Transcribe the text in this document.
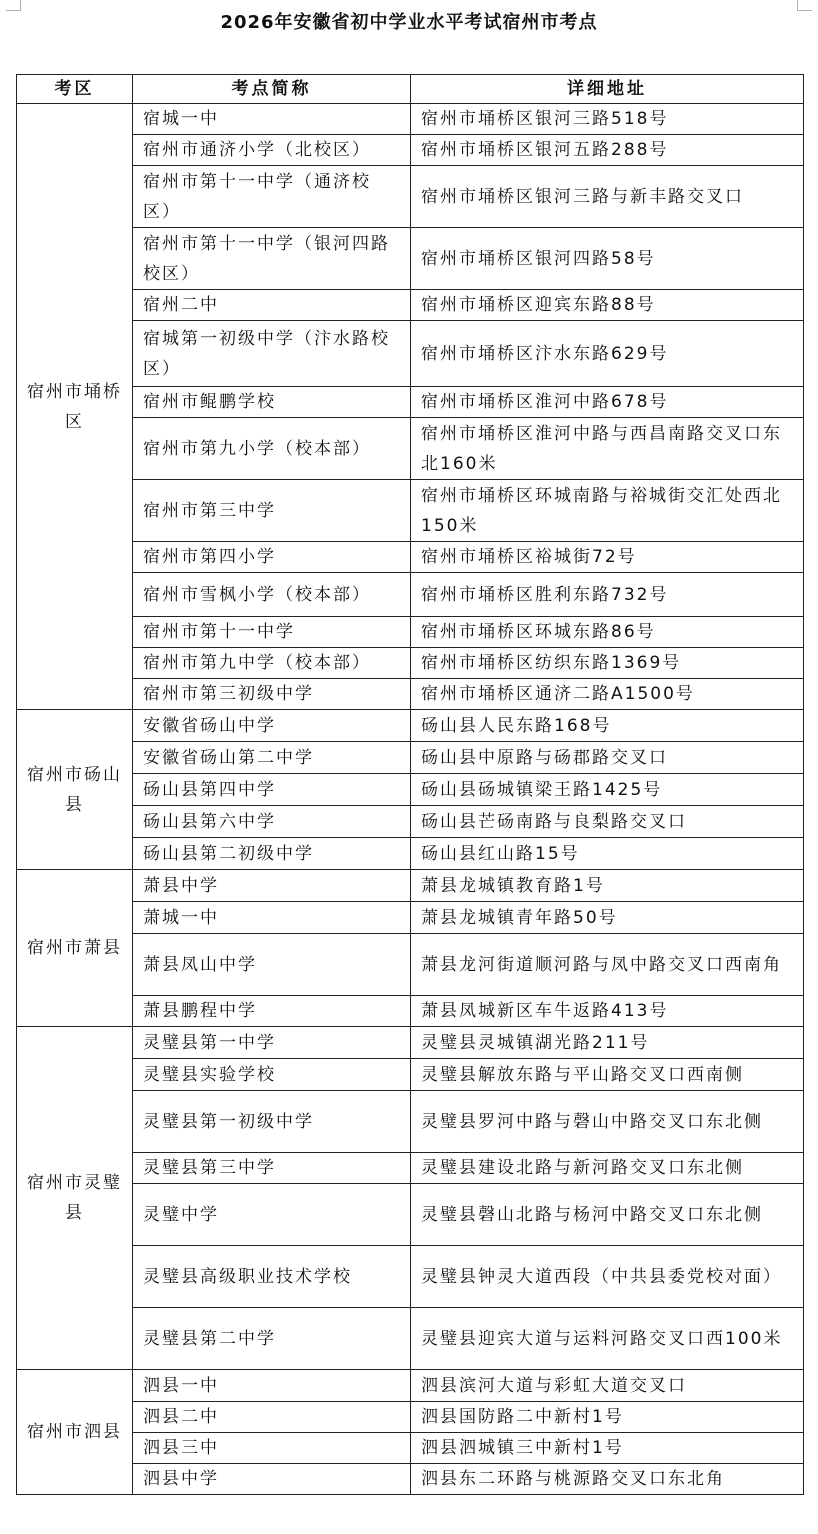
2026年安徽省初中学业水平考试宿州市考点
考区	考点简称	详细地址
宿州市埇桥区	宿城一中	宿州市埇桥区银河三路518号
	宿州市通济小学（北校区）	宿州市埇桥区银河五路288号
	宿州市第十一中学（通济校区）	宿州市埇桥区银河三路与新丰路交叉口
	宿州市第十一中学（银河四路校区）	宿州市埇桥区银河四路58号
	宿州二中	宿州市埇桥区迎宾东路88号
	宿城第一初级中学（汴水路校区）	宿州市埇桥区汴水东路629号
	宿州市鲲鹏学校	宿州市埇桥区淮河中路678号
	宿州市第九小学（校本部）	宿州市埇桥区淮河中路与西昌南路交叉口东北160米
	宿州市第三中学	宿州市埇桥区环城南路与裕城街交汇处西北150米
	宿州市第四小学	宿州市埇桥区裕城街72号
	宿州市雪枫小学（校本部）	宿州市埇桥区胜利东路732号
	宿州市第十一中学	宿州市埇桥区环城东路86号
	宿州市第九中学（校本部）	宿州市埇桥区纺织东路1369号
	宿州市第三初级中学	宿州市埇桥区通济二路A1500号
宿州市砀山县	安徽省砀山中学	砀山县人民东路168号
	安徽省砀山第二中学	砀山县中原路与砀郡路交叉口
	砀山县第四中学	砀山县砀城镇梁王路1425号
	砀山县第六中学	砀山县芒砀南路与良梨路交叉口
	砀山县第二初级中学	砀山县红山路15号
宿州市萧县	萧县中学	萧县龙城镇教育路1号
	萧城一中	萧县龙城镇青年路50号
	萧县凤山中学	萧县龙河街道顺河路与凤中路交叉口西南角
	萧县鹏程中学	萧县凤城新区车牛返路413号
宿州市灵璧县	灵璧县第一中学	灵璧县灵城镇湖光路211号
	灵璧县实验学校	灵璧县解放东路与平山路交叉口西南侧
	灵璧县第一初级中学	灵璧县罗河中路与磬山中路交叉口东北侧
	灵璧县第三中学	灵璧县建设北路与新河路交叉口东北侧
	灵璧中学	灵璧县磬山北路与杨河中路交叉口东北侧
	灵璧县高级职业技术学校	灵璧县钟灵大道西段（中共县委党校对面）
	灵璧县第二中学	灵璧县迎宾大道与运料河路交叉口西100米
宿州市泗县	泗县一中	泗县滨河大道与彩虹大道交叉口
	泗县二中	泗县国防路二中新村1号
	泗县三中	泗县泗城镇三中新村1号
	泗县中学	泗县东二环路与桃源路交叉口东北角
